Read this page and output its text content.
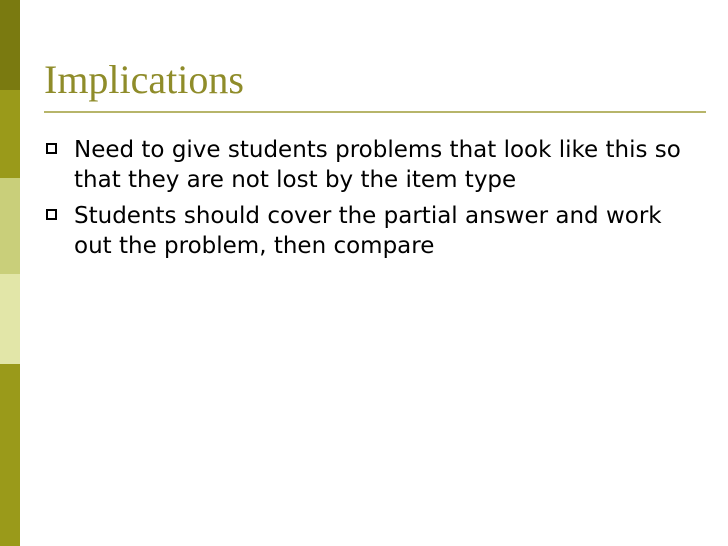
Implications
Need to give students problems that look like this so that they are not lost by the item type
Students should cover the partial answer and work out the problem, then compare
